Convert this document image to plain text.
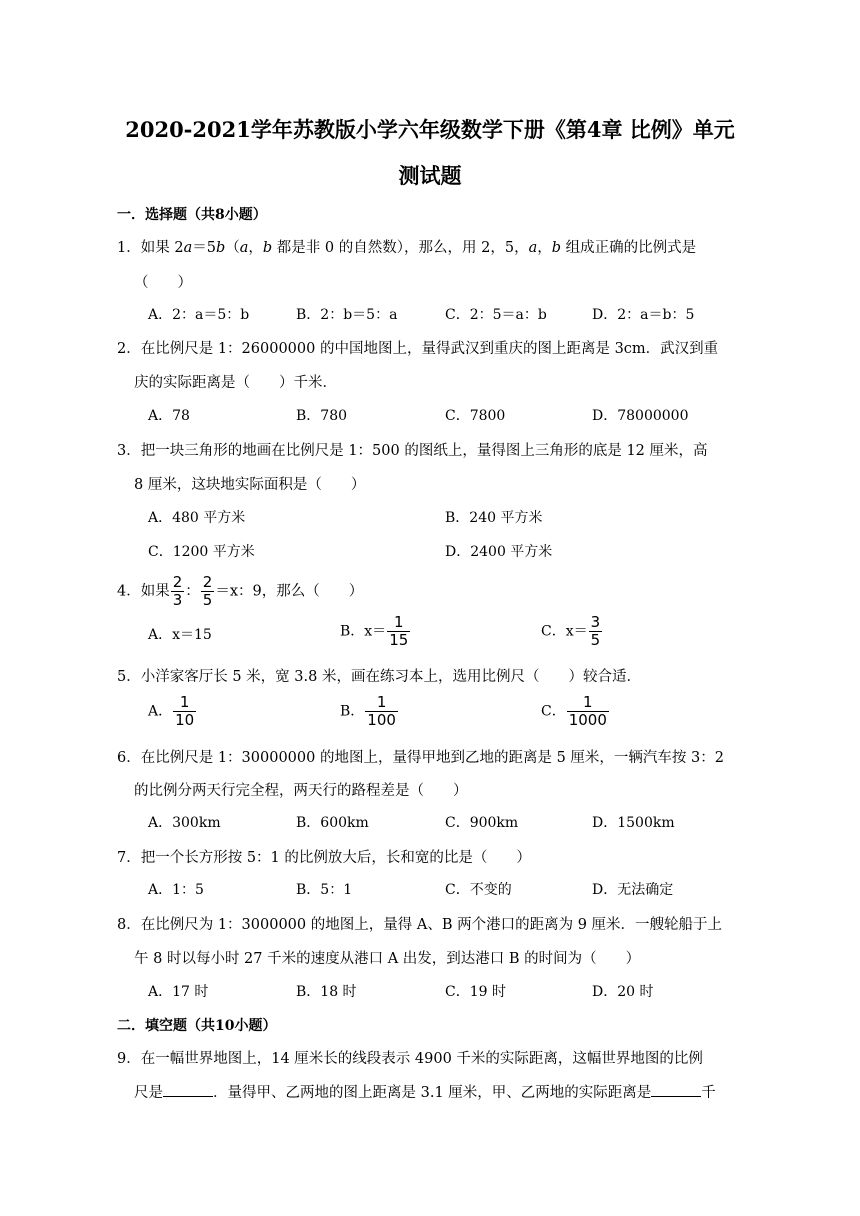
2020-2021学年苏教版小学六年级数学下册《第4章 比例》单元
测试题
一．选择题（共8小题）
1．如果 2a＝5b（a，b 都是非 0 的自然数），那么，用 2，5，a，b 组成正确的比例式是
（　　）
A．2：a＝5：b	B．2：b＝5：a	C．2：5＝a：b	D．2：a＝b：5
2．在比例尺是 1：26000000 的中国地图上，量得武汉到重庆的图上距离是 3cm．武汉到重
庆的实际距离是（　　）千米．
A．78	B．780	C．7800	D．78000000
3．把一块三角形的地画在比例尺是 1：500 的图纸上，量得图上三角形的底是 12 厘米，高
8 厘米，这块地实际面积是（　　）
A．480 平方米	B．240 平方米
C．1200 平方米	D．2400 平方米
4．如果 $\frac{2}{3}$ ： $\frac{2}{5} =x$：9，那么（　　）
A．x＝15	B．$x= \frac{1}{15}$	C．$x= \frac{3}{5}$
5．小洋家客厅长 5 米，宽 3.8 米，画在练习本上，选用比例尺（　　）较合适．
A． $\frac{1}{10}$	B． $\frac{1}{100}$	C． $\frac{1}{1000}$
6．在比例尺是 1：30000000 的地图上，量得甲地到乙地的距离是 5 厘米，一辆汽车按 3：2
的比例分两天行完全程，两天行的路程差是（　　）
A．300km	B．600km	C．900km	D．1500km
7．把一个长方形按 5：1 的比例放大后，长和宽的比是（　　）
A．1：5	B．5：1	C．不变的	D．无法确定
8．在比例尺为 1：3000000 的地图上，量得 A、B 两个港口的距离为 9 厘米．一艘轮船于上
午 8 时以每小时 27 千米的速度从港口 A 出发，到达港口 B 的时间为（　　）
A．17 时	B．18 时	C．19 时	D．20 时
二．填空题（共10小题）
9．在一幅世界地图上，14 厘米长的线段表示 4900 千米的实际距离，这幅世界地图的比例
尺是	．量得甲、乙两地的图上距离是 3.1 厘米，甲、乙两地的实际距离是	千
